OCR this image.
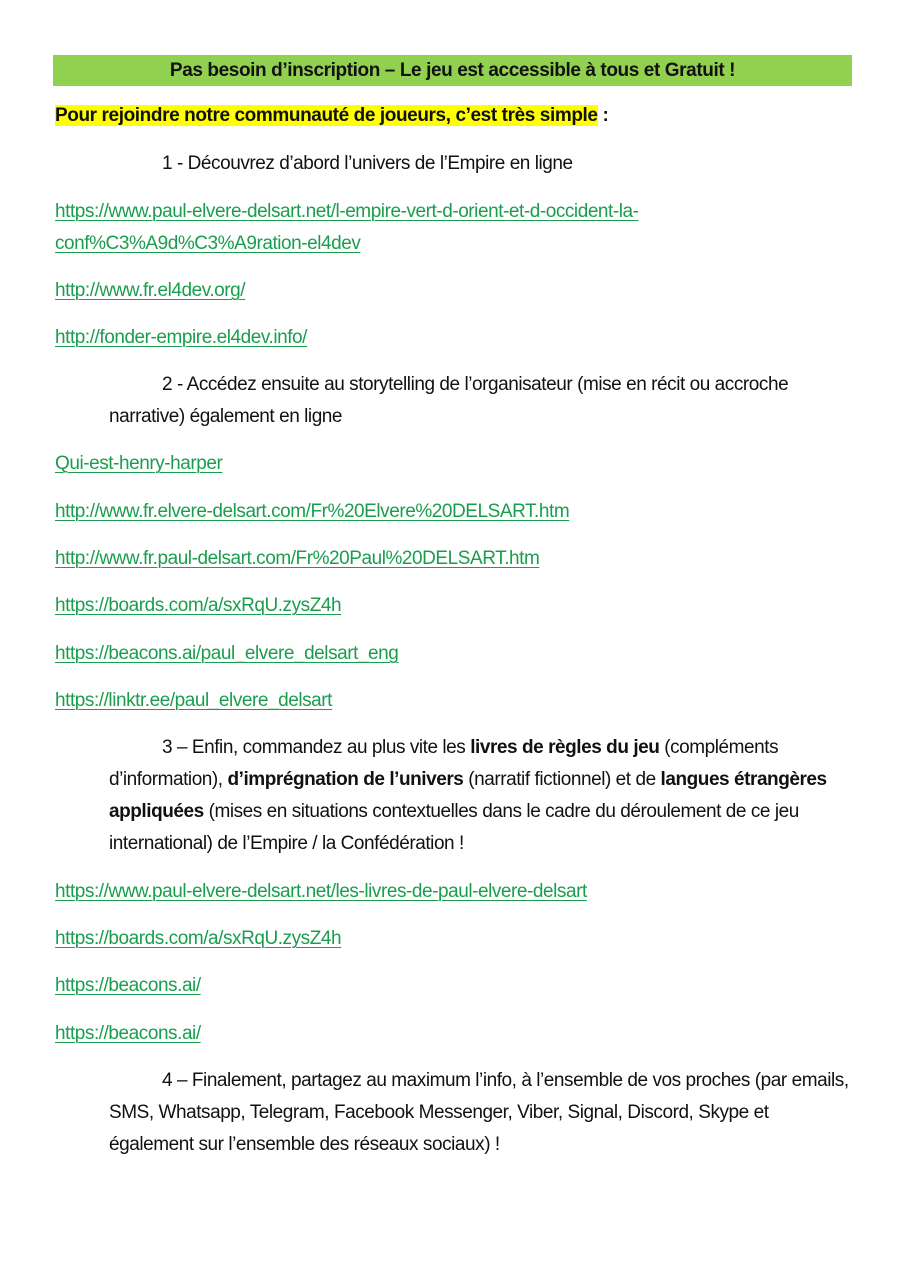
Pas besoin d’inscription – Le jeu est accessible à tous et Gratuit !
Pour rejoindre notre communauté de joueurs, c’est très simple :
1 - Découvrez d’abord l’univers de l’Empire en ligne
https://www.paul-elvere-delsart.net/l-empire-vert-d-orient-et-d-occident-la-conf%C3%A9d%C3%A9ration-el4dev
http://www.fr.el4dev.org/
http://fonder-empire.el4dev.info/
2 - Accédez ensuite au storytelling de l’organisateur (mise en récit ou accroche narrative) également en ligne
Qui-est-henry-harper
http://www.fr.elvere-delsart.com/Fr%20Elvere%20DELSART.htm
http://www.fr.paul-delsart.com/Fr%20Paul%20DELSART.htm
https://boards.com/a/sxRqU.zysZ4h
https://beacons.ai/paul_elvere_delsart_eng
https://linktr.ee/paul_elvere_delsart
3 – Enfin, commandez au plus vite les livres de règles du jeu (compléments d’information), d’imprégnation de l’univers (narratif fictionnel) et de langues étrangères appliquées (mises en situations contextuelles dans le cadre du déroulement de ce jeu international) de l’Empire / la Confédération !
https://www.paul-elvere-delsart.net/les-livres-de-paul-elvere-delsart
https://boards.com/a/sxRqU.zysZ4h
https://beacons.ai/
https://beacons.ai/
4 – Finalement, partagez au maximum l’info, à l’ensemble de vos proches (par emails, SMS, Whatsapp, Telegram, Facebook Messenger, Viber, Signal, Discord, Skype et également sur l’ensemble des réseaux sociaux) !
